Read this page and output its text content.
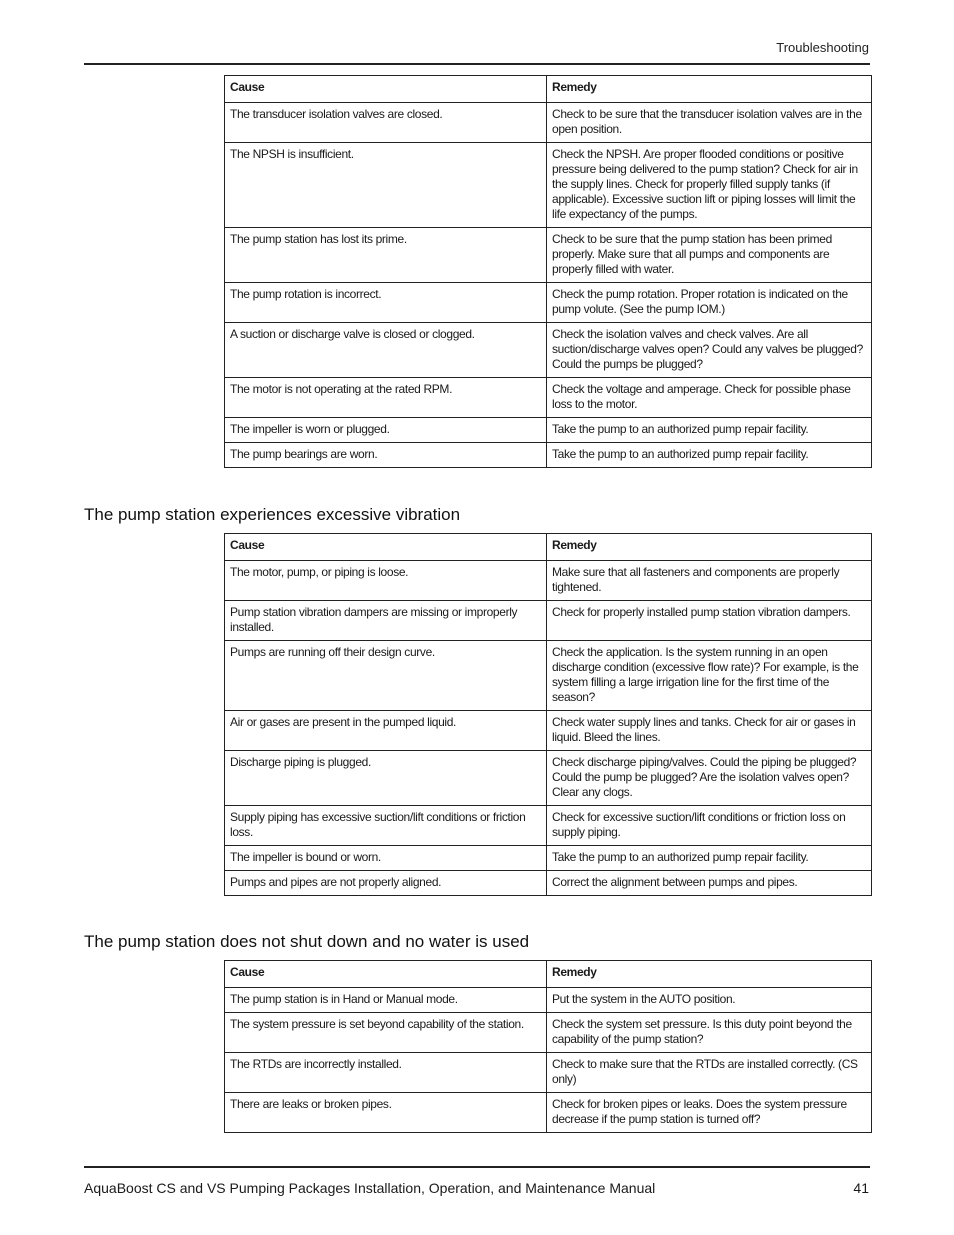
Troubleshooting
Cause	Remedy
The transducer isolation valves are closed.	Check to be sure that the transducer isolation valves are in the open position.
The NPSH is insufficient.	Check the NPSH. Are proper flooded conditions or positive pressure being delivered to the pump station? Check for air in the supply lines. Check for properly filled supply tanks (if applicable). Excessive suction lift or piping losses will limit the life expectancy of the pumps.
The pump station has lost its prime.	Check to be sure that the pump station has been primed properly. Make sure that all pumps and components are properly filled with water.
The pump rotation is incorrect.	Check the pump rotation. Proper rotation is indicated on the pump volute. (See the pump IOM.)
A suction or discharge valve is closed or clogged.	Check the isolation valves and check valves. Are all suction/discharge valves open? Could any valves be plugged? Could the pumps be plugged?
The motor is not operating at the rated RPM.	Check the voltage and amperage. Check for possible phase loss to the motor.
The impeller is worn or plugged.	Take the pump to an authorized pump repair facility.
The pump bearings are worn.	Take the pump to an authorized pump repair facility.
The pump station experiences excessive vibration
Cause	Remedy
The motor, pump, or piping is loose.	Make sure that all fasteners and components are properly tightened.
Pump station vibration dampers are missing or improperly installed.	Check for properly installed pump station vibration dampers.
Pumps are running off their design curve.	Check the application. Is the system running in an open discharge condition (excessive flow rate)? For example, is the system filling a large irrigation line for the first time of the season?
Air or gases are present in the pumped liquid.	Check water supply lines and tanks. Check for air or gases in liquid. Bleed the lines.
Discharge piping is plugged.	Check discharge piping/valves. Could the piping be plugged? Could the pump be plugged? Are the isolation valves open? Clear any clogs.
Supply piping has excessive suction/lift conditions or friction loss.	Check for excessive suction/lift conditions or friction loss on supply piping.
The impeller is bound or worn.	Take the pump to an authorized pump repair facility.
Pumps and pipes are not properly aligned.	Correct the alignment between pumps and pipes.
The pump station does not shut down and no water is used
Cause	Remedy
The pump station is in Hand or Manual mode.	Put the system in the AUTO position.
The system pressure is set beyond capability of the station.	Check the system set pressure. Is this duty point beyond the capability of the pump station?
The RTDs are incorrectly installed.	Check to make sure that the RTDs are installed correctly. (CS only)
There are leaks or broken pipes.	Check for broken pipes or leaks. Does the system pressure decrease if the pump station is turned off?
AquaBoost CS and VS Pumping Packages Installation, Operation, and Maintenance Manual	41
